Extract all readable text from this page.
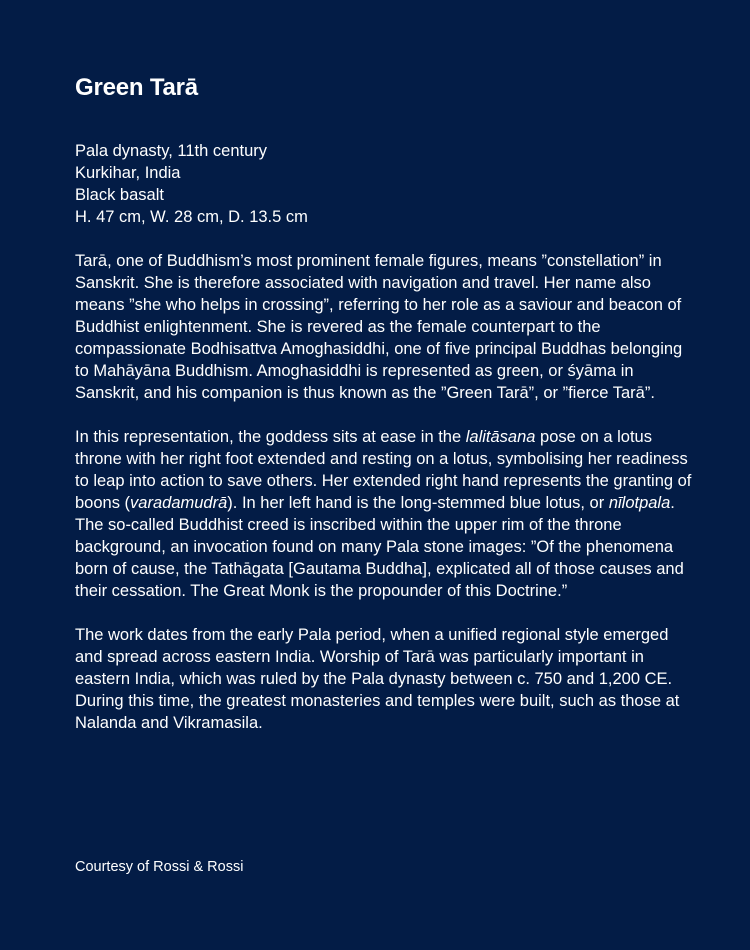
Green Tarā
Pala dynasty, 11th century
Kurkihar, India
Black basalt
H. 47 cm, W. 28 cm, D. 13.5 cm

Tarā, one of Buddhism’s most prominent female figures, means ”constellation” in Sanskrit. She is therefore associated with navigation and travel. Her name also means ”she who helps in crossing”, referring to her role as a saviour and beacon of Buddhist enlightenment. She is revered as the female counterpart to the compassionate Bodhisattva Amoghasiddhi, one of five principal Buddhas belonging to Mahāyāna Buddhism. Amoghasiddhi is represented as green, or śyāma in Sanskrit, and his companion is thus known as the ”Green Tarā”, or ”fierce Tarā”.

In this representation, the goddess sits at ease in the lalitāsana pose on a lotus throne with her right foot extended and resting on a lotus, symbolising her readiness to leap into action to save others. Her extended right hand represents the granting of boons (varadamudrā). In her left hand is the long-stemmed blue lotus, or nīlotpala. The so-called Buddhist creed is inscribed within the upper rim of the throne background, an invocation found on many Pala stone images: ”Of the phenomena born of cause, the Tathāgata [Gautama Buddha], explicated all of those causes and their cessation. The Great Monk is the propounder of this Doctrine.”

The work dates from the early Pala period, when a unified regional style emerged and spread across eastern India. Worship of Tarā was particularly important in eastern India, which was ruled by the Pala dynasty between c. 750 and 1,200 CE. During this time, the greatest monasteries and temples were built, such as those at Nalanda and Vikramasila.

Courtesy of Rossi & Rossi
